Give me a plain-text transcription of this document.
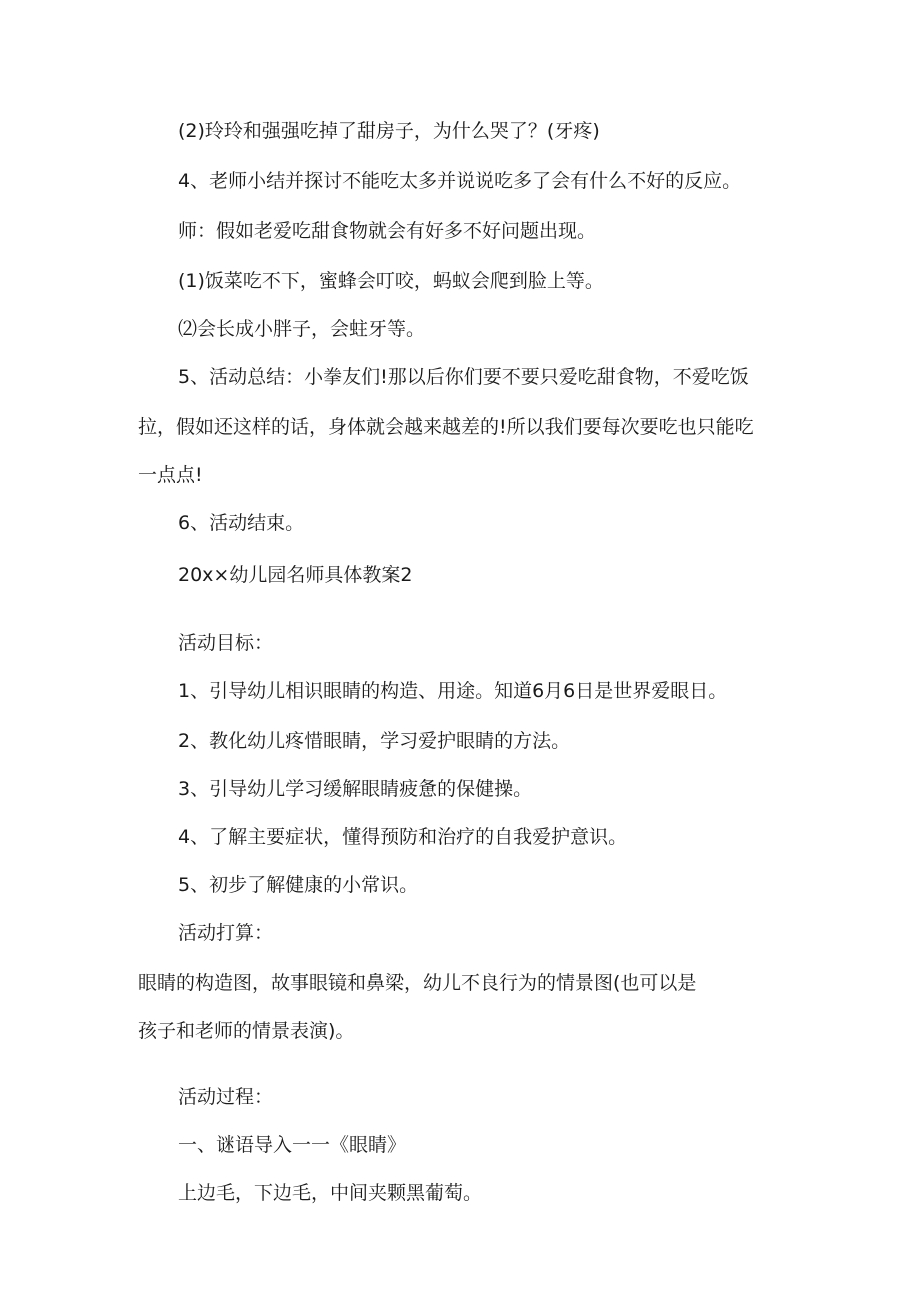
(2)玲玲和强强吃掉了甜房子，为什么哭了？(牙疼)

4、老师小结并探讨不能吃太多并说说吃多了会有什么不好的反应。

师：假如老爱吃甜食物就会有好多不好问题出现。

(1)饭菜吃不下，蜜蜂会叮咬，蚂蚁会爬到脸上等。

⑵会长成小胖子，会蛀牙等。

5、活动总结：小拳友们!那以后你们要不要只爱吃甜食物，不爱吃饭

拉，假如还这样的话，身体就会越来越差的!所以我们要每次要吃也只能吃

一点点!

6、活动结束。

20x×幼儿园名师具体教案2

活动目标：

1、引导幼儿相识眼睛的构造、用途。知道6月6日是世界爱眼日。

2、教化幼儿疼惜眼睛，学习爱护眼睛的方法。

3、引导幼儿学习缓解眼睛疲惫的保健操。

4、了解主要症状，懂得预防和治疗的自我爱护意识。

5、初步了解健康的小常识。

活动打算：

眼睛的构造图，故事眼镜和鼻梁，幼儿不良行为的情景图(也可以是

孩子和老师的情景表演)。

活动过程：

一、谜语导入一一《眼睛》

上边毛，下边毛，中间夹颗黑葡萄。
